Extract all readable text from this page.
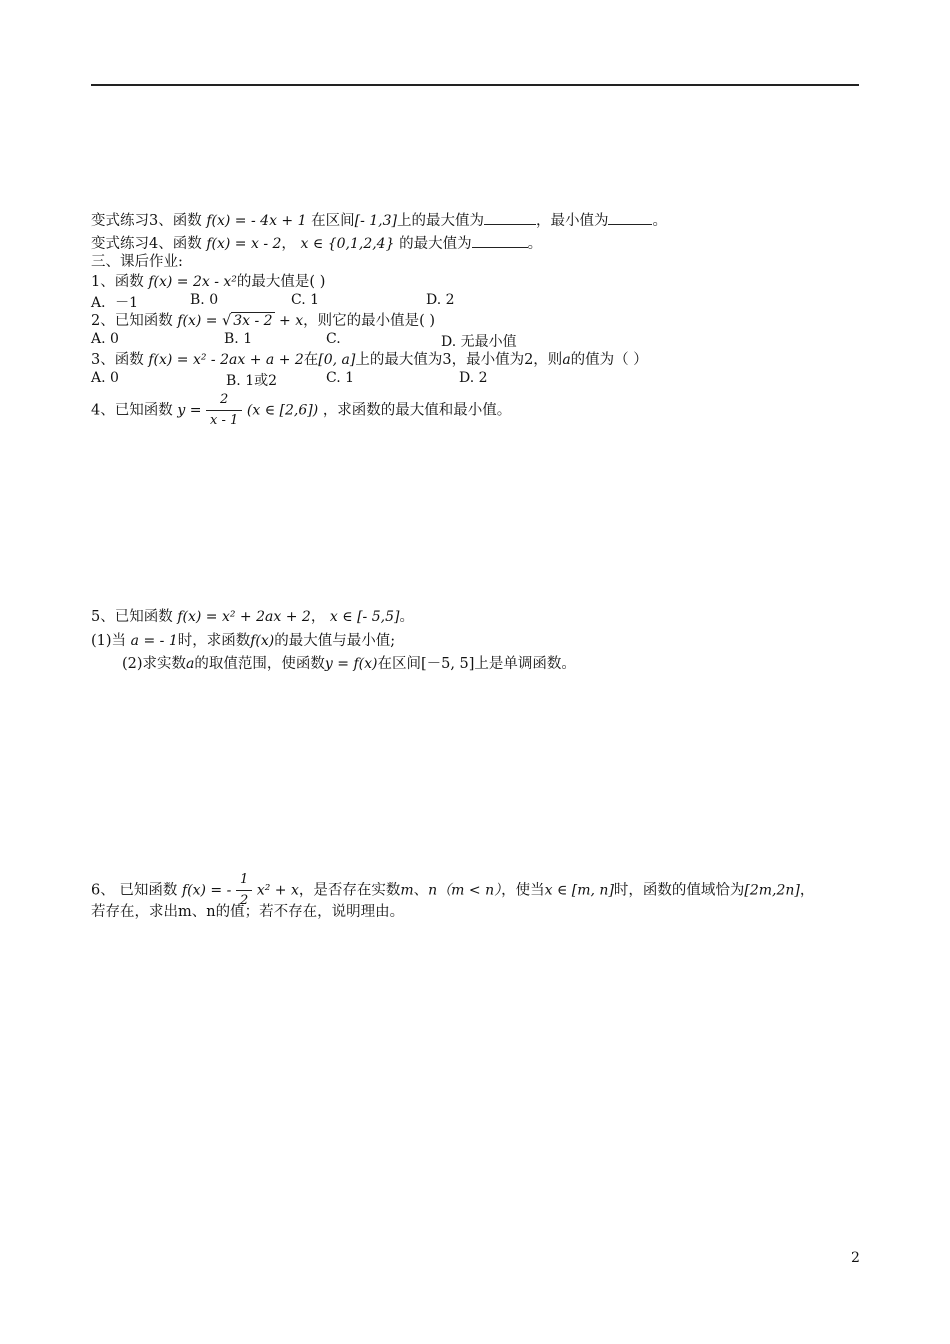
变式练习3、函数 f(x) = - 4x + 1 在区间[- 1,3]上的最大值为	，最小值为	。
变式练习4、函数 f(x) = x - 2， x ∈ {0,1,2,4} 的最大值为	。
三、课后作业:
1、函数 f(x) = 2x - x²的最大值是( )
A．－1	B. 0	C. 1	D. 2
2、已知函数 f(x) = √ 3x - 2 + x，则它的最小值是( )
A. 0	B. 1	C.	D. 无最小值
3、函数 f(x) = x² - 2ax + a + 2在[0, a]上的最大值为3，最小值为2，则a的值为（ ）
A. 0	B. 1或2	C. 1	D. 2
4、已知函数 $y = \frac{2}{x - 1} (x$ ∈ [2,6]) ，求函数的最大值和最小值。
5、已知函数 f(x) = x² + 2ax + 2， x ∈ [- 5,5]。
(1)当 a = - 1时，求函数f(x)的最大值与最小值;
(2)求实数a的取值范围，使函数y = f(x)在区间[－5, 5]上是单调函数。
6、 已知函数 f(x) = - $\frac{1}{2} x^2 + x$，是否存在实数m、n（m < n），使当x ∈ [m, n]时，函数的值域恰为[2m,2n]，
若存在，求出m、n的值；若不存在，说明理由。
2
